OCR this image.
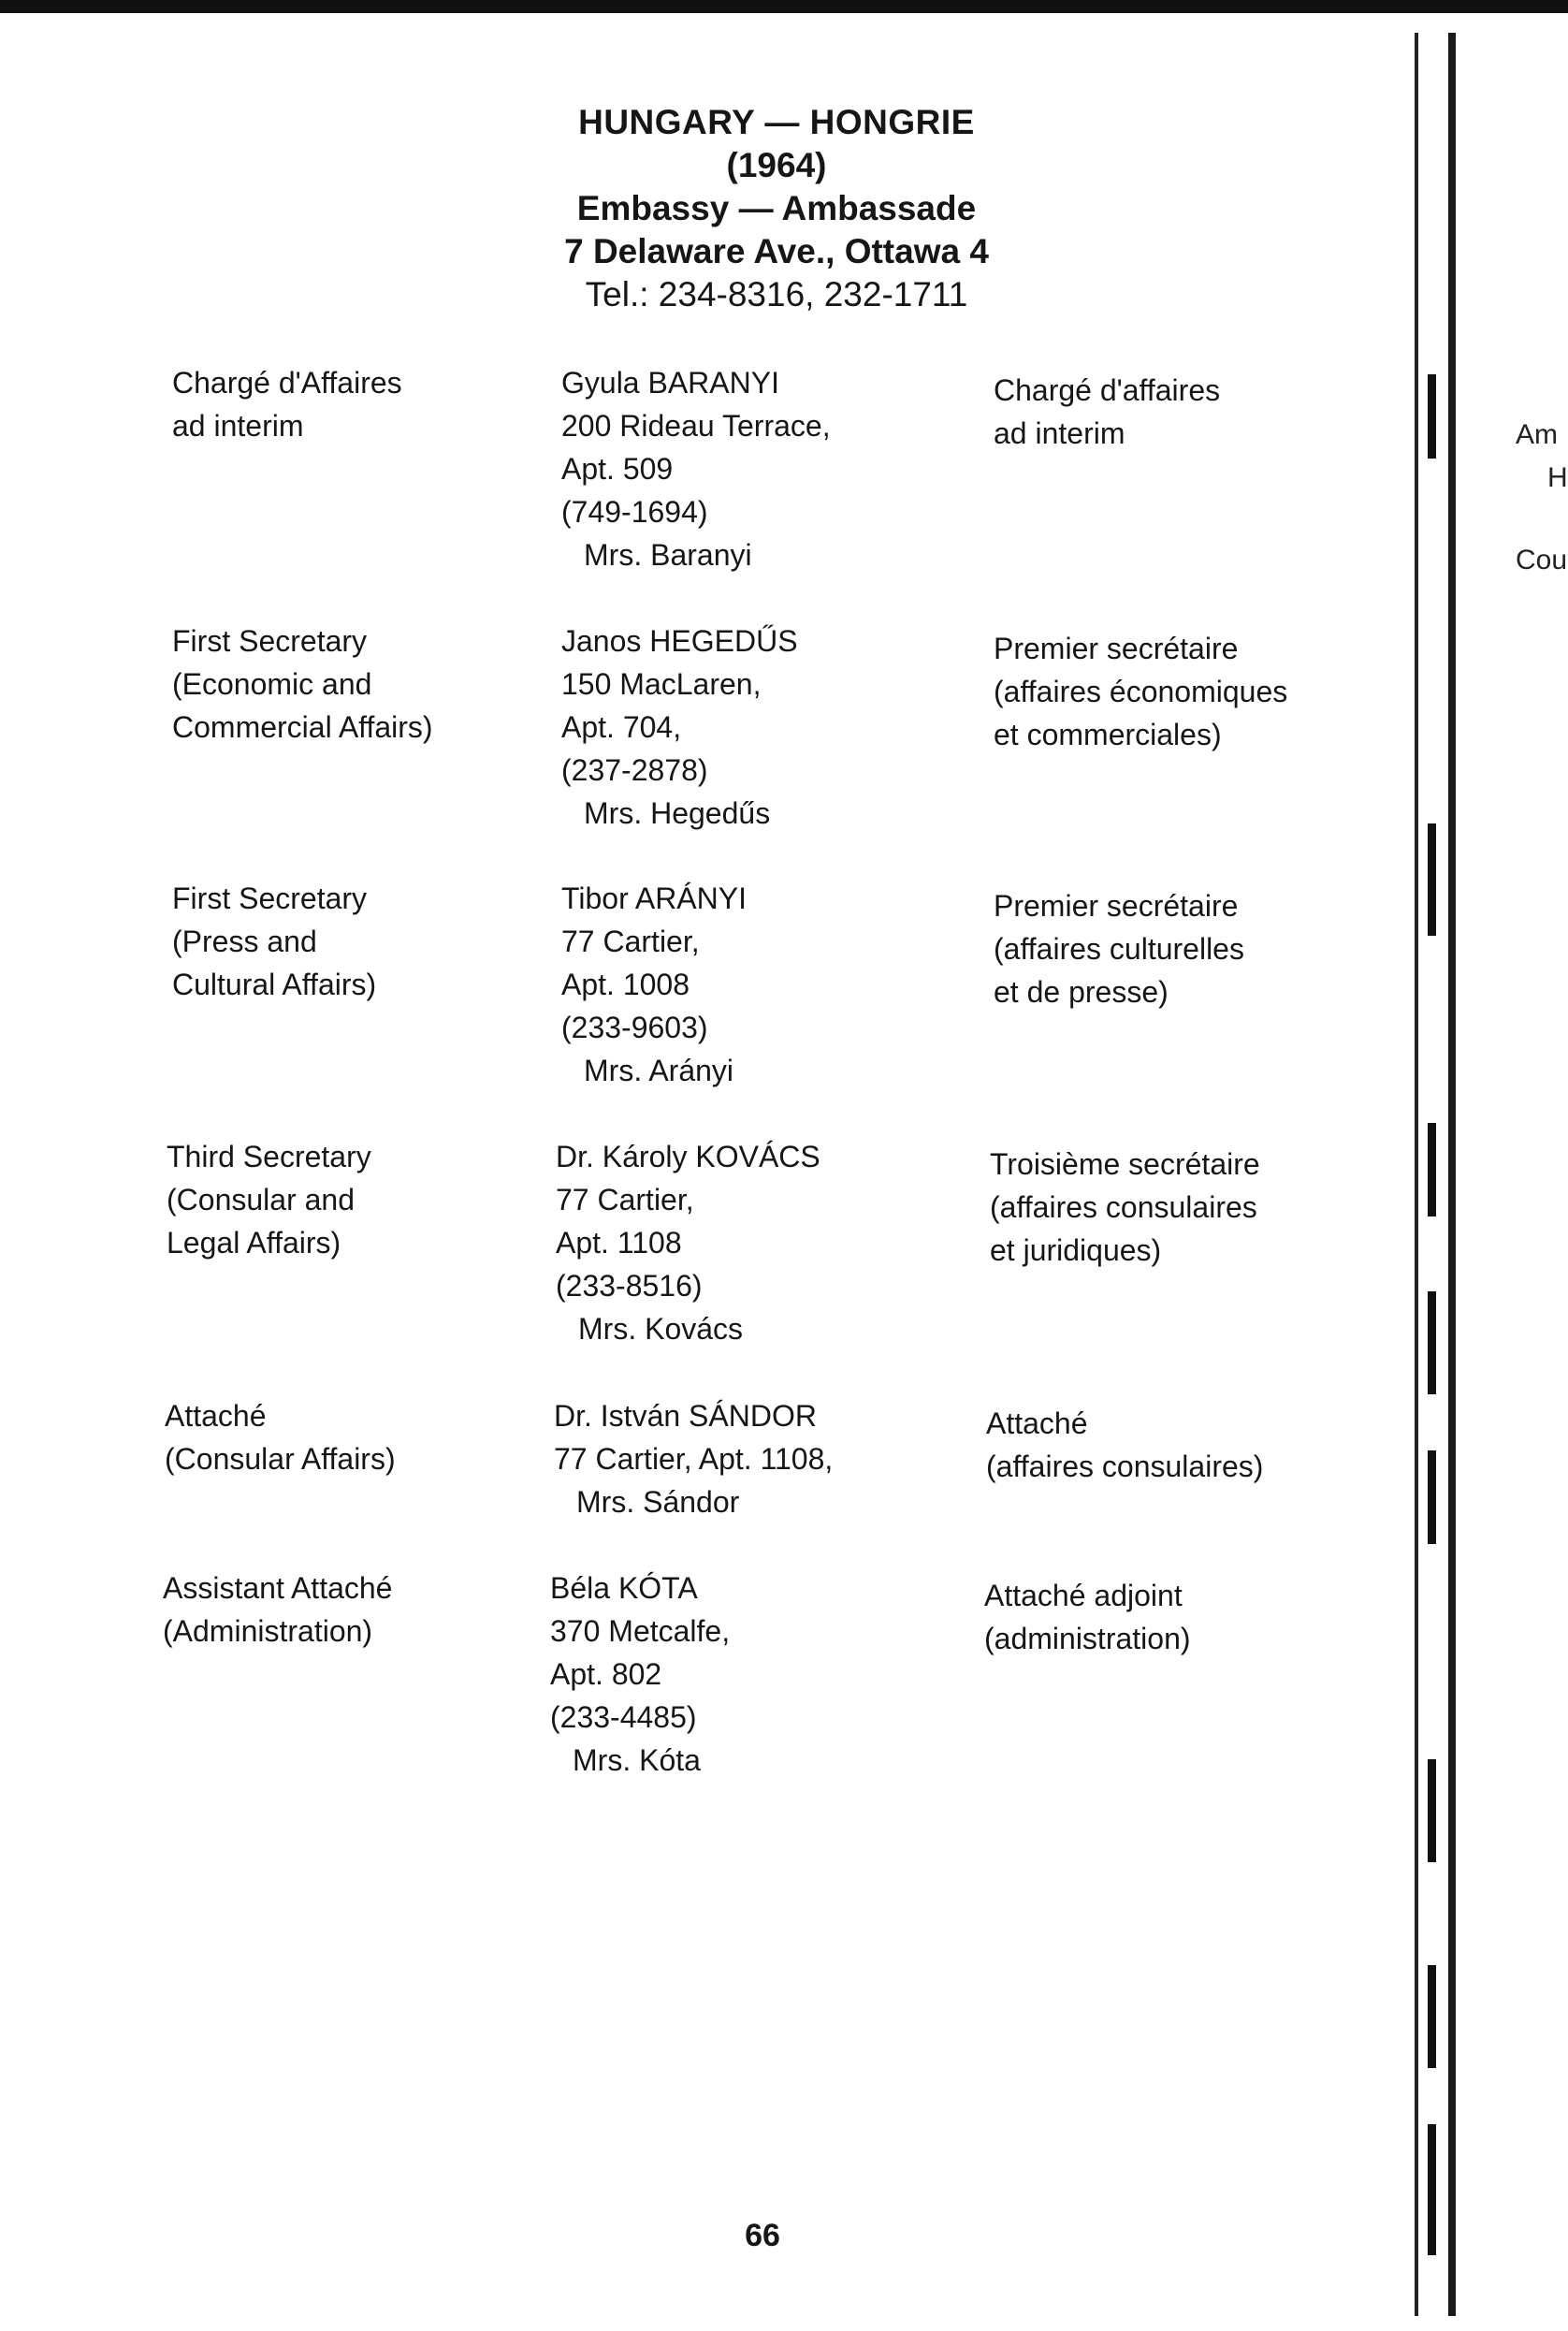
HUNGARY — HONGRIE
(1964)
Embassy — Ambassade
7 Delaware Ave., Ottawa 4
Tel.: 234-8316, 232-1711
Chargé d'Affaires
ad interim
Gyula BARANYI
200 Rideau Terrace,
Apt. 509
(749-1694)
Mrs. Baranyi
Chargé d'affaires
ad interim
First Secretary
(Economic and
Commercial Affairs)
Janos HEGEDŰS
150 MacLaren,
Apt. 704,
(237-2878)
Mrs. Hegedűs
Premier secrétaire
(affaires économiques
et commerciales)
First Secretary
(Press and
Cultural Affairs)
Tibor ARÁNYI
77 Cartier,
Apt. 1008
(233-9603)
Mrs. Arányi
Premier secrétaire
(affaires culturelles
et de presse)
Third Secretary
(Consular and
Legal Affairs)
Dr. Károly KOVÁCS
77 Cartier,
Apt. 1108
(233-8516)
Mrs. Kovács
Troisième secrétaire
(affaires consulaires
et juridiques)
Attaché
(Consular Affairs)
Dr. István SÁNDOR
77 Cartier, Apt. 1108,
Mrs. Sándor
Attaché
(affaires consulaires)
Assistant Attaché
(Administration)
Béla KÓTA
370 Metcalfe,
Apt. 802
(233-4485)
Mrs. Kóta
Attaché adjoint
(administration)
Am
H
Cou
66
